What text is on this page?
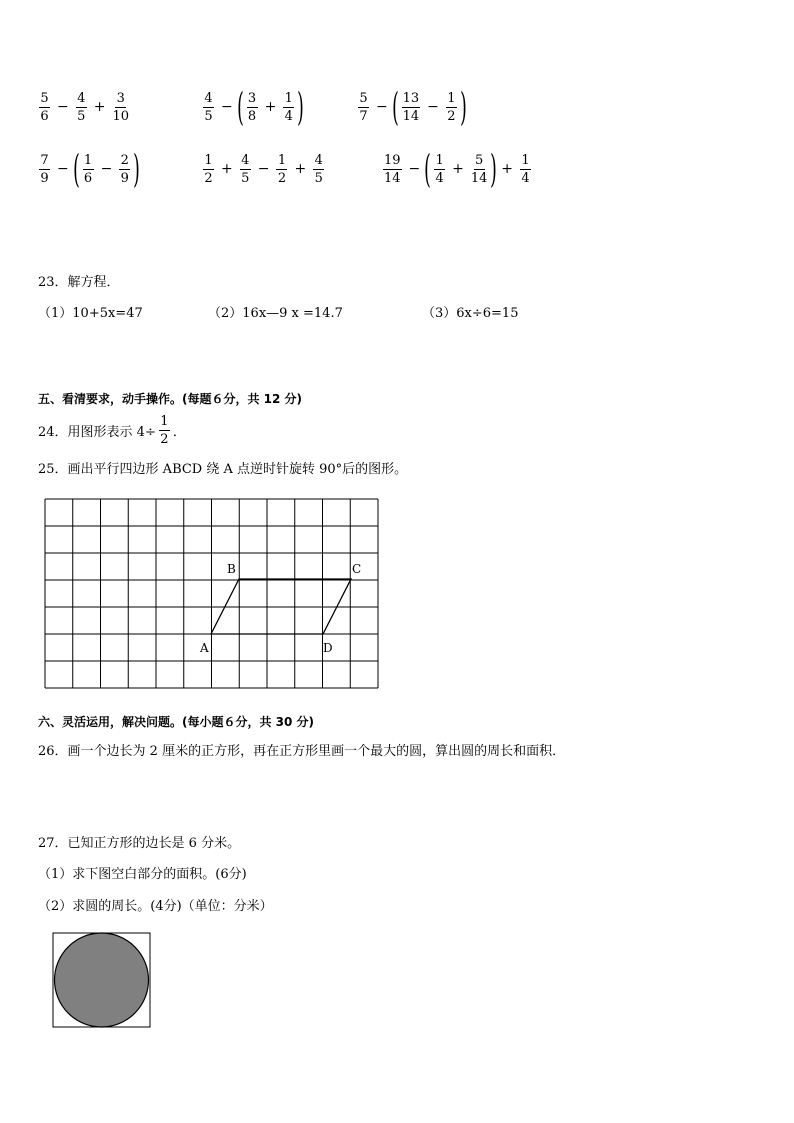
$\frac{5}{6} - \frac{4}{5} + \frac{3}{10}$	$\frac{4}{5}$ − ( $\frac{3}{8} + \frac{1}{4}$ )	$\frac{5}{7}$ − ( $\frac{13}{14} - \frac{1}{2}$ )
$\frac{7}{9}$ − ( $\frac{1}{6} - \frac{2}{9}$ )	$\frac{1}{2} + \frac{4}{5} - \frac{1}{2} + \frac{4}{5}$	$\frac{19}{14}$ − ( $\frac{1}{4} + \frac{5}{14}$ ) + $\frac{1}{4}$
23．解方程．
（1）10+5x=47	（2）16x—9 x =14.7	（3）6x÷6=15
五、看清要求，动手操作。(每题６分，共 12 分)
24．用图形表示 $4\div \frac{1}{2}$ ．
25．画出平行四边形 ABCD 绕 A 点逆时针旋转 90°后的图形。
A
B	C
D
六、灵活运用，解决问题。(每小题６分，共 30 分)
26．画一个边长为 2 厘米的正方形，再在正方形里画一个最大的圆，算出圆的周长和面积．
27．已知正方形的边长是 6 分米。
（1）求下图空白部分的面积。(6分)
（2）求圆的周长。(4分)（单位：分米）
